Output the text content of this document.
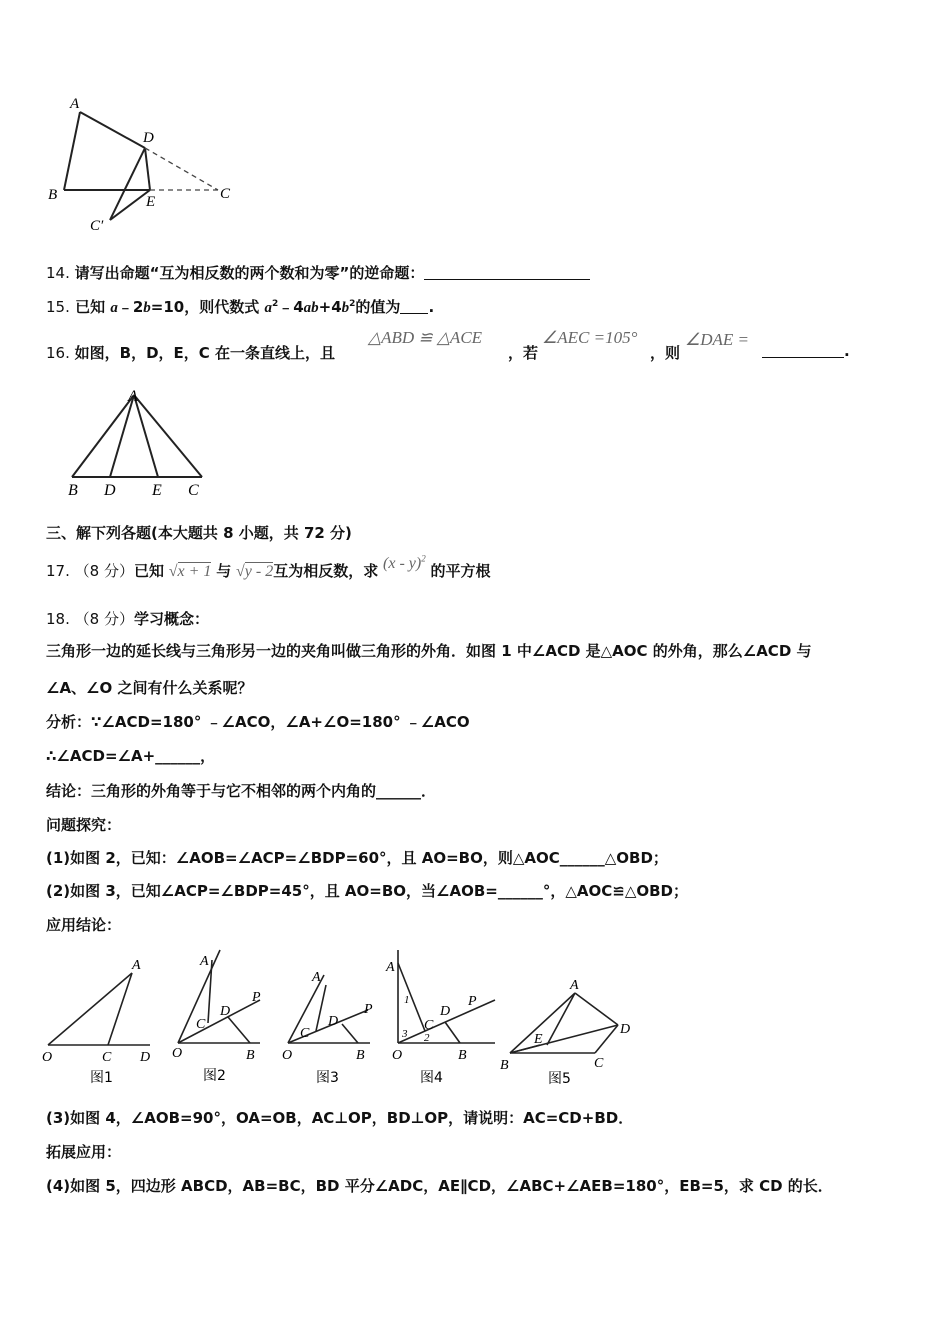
A
D
B	E	C
C′
14. 请写出命题“互为相反数的两个数和为零”的逆命题：
15. 已知 a﹣2b=10，则代数式 $a^2﹣4ab+4b^2$的值为 .
16. 如图，B，D，E，C 在一条直线上，且
△ABD ≌ △ACE
，若
∠AEC =105°
，则
∠DAE =
.
A
B D E C
三、解下列各题(本大题共 8 小题，共 72 分)
17. （8 分）已知 √x + 1 与 √y - 2互为相反数，求 (x - y)$^2$ 的平方根
18. （8 分）学习概念：
三角形一边的延长线与三角形另一边的夹角叫做三角形的外角．如图 1 中∠ACD 是△AOC 的外角，那么∠ACD 与
∠A、∠O 之间有什么关系呢？
分析：∵∠ACD=180° ﹣∠ACO，∠A+∠O=180° ﹣∠ACO
∴∠ACD=∠A+______，
结论：三角形的外角等于与它不相邻的两个内角的______．
问题探究：
(1)如图 2，已知：∠AOB=∠ACP=∠BDP=60°，且 AO=BO，则△AOC______△OBD；
(2)如图 3，已知∠ACP=∠BDP=45°，且 AO=BO，当∠AOB=______°，△AOC≌△OBD；
应用结论：
A
O	C D
图1
A
D
P
C
O	B
图2
A
D
P
C
O	B
图3
A
1
D
P
C
3 2
O	B
图4
A
D
E
B	C
图5
(3)如图 4，∠AOB=90°，OA=OB，AC⊥OP，BD⊥OP，请说明：AC=CD+BD．
拓展应用：
(4)如图 5，四边形 ABCD，AB=BC，BD 平分∠ADC，AE∥CD，∠ABC+∠AEB=180°，EB=5，求 CD 的长．
